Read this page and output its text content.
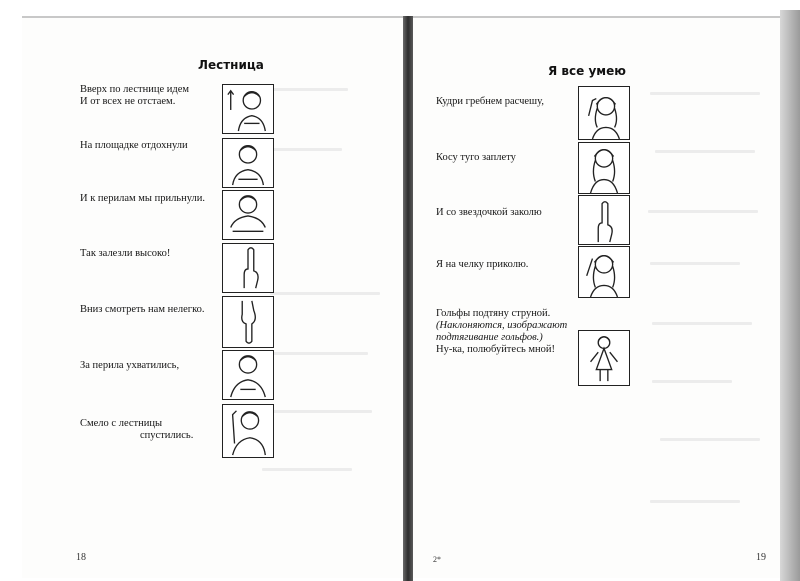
Лестница
Вверх по лестнице идем
И от всех не отстаем.
На площадке отдохнули
И к перилам мы прильнули.
Так залезли высоко!
Вниз смотреть нам нелегко.
За перила ухватились,
Смело с лестницы
спустились.
18
Я все умею
Кудри гребнем расчешу,
Косу туго заплету
И со звездочкой заколю
Я на челку приколю.
Гольфы подтяну струной.
(Наклоняются, изображают
подтягивание гольфов.)
Ну-ка, полюбуйтесь мной!
2*	19
